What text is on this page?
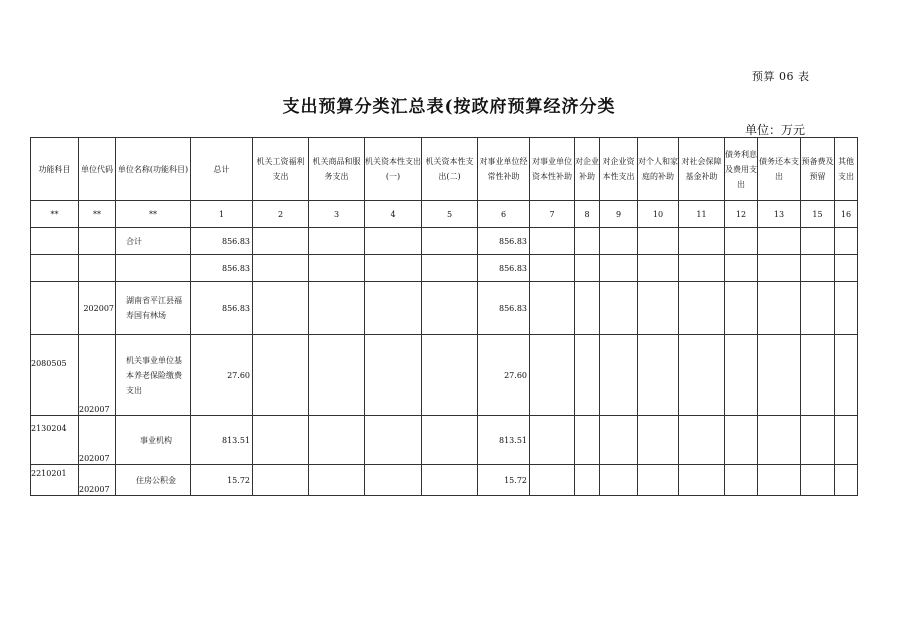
预算 06 表
支出预算分类汇总表(按政府预算经济分类
单位：万元
功能科目	单位代码	单位名称(功能科目)	总计	机关工资福利支出	机关商品和服务支出	机关资本性支出(一)	机关资本性支出(二)	对事业单位经常性补助	对事业单位资本性补助	对企业补助	对企业资本性支出	对个人和家庭的补助	对社会保障基金补助	债务利息及费用支出	债务还本支出	预备费及预留	其他支出
**	**	**	1	2	3	4	5	6	7	8	9	10	11	12	13	15	16
		合计	856.83					856.83									
			856.83					856.83									
	202007	湖南省平江县福寿国有林场	856.83					856.83									
2080505	202007	机关事业单位基本养老保险缴费支出	27.60					27.60									
2130204	202007	事业机构	813.51					813.51									
2210201	202007	住房公积金	15.72					15.72									
